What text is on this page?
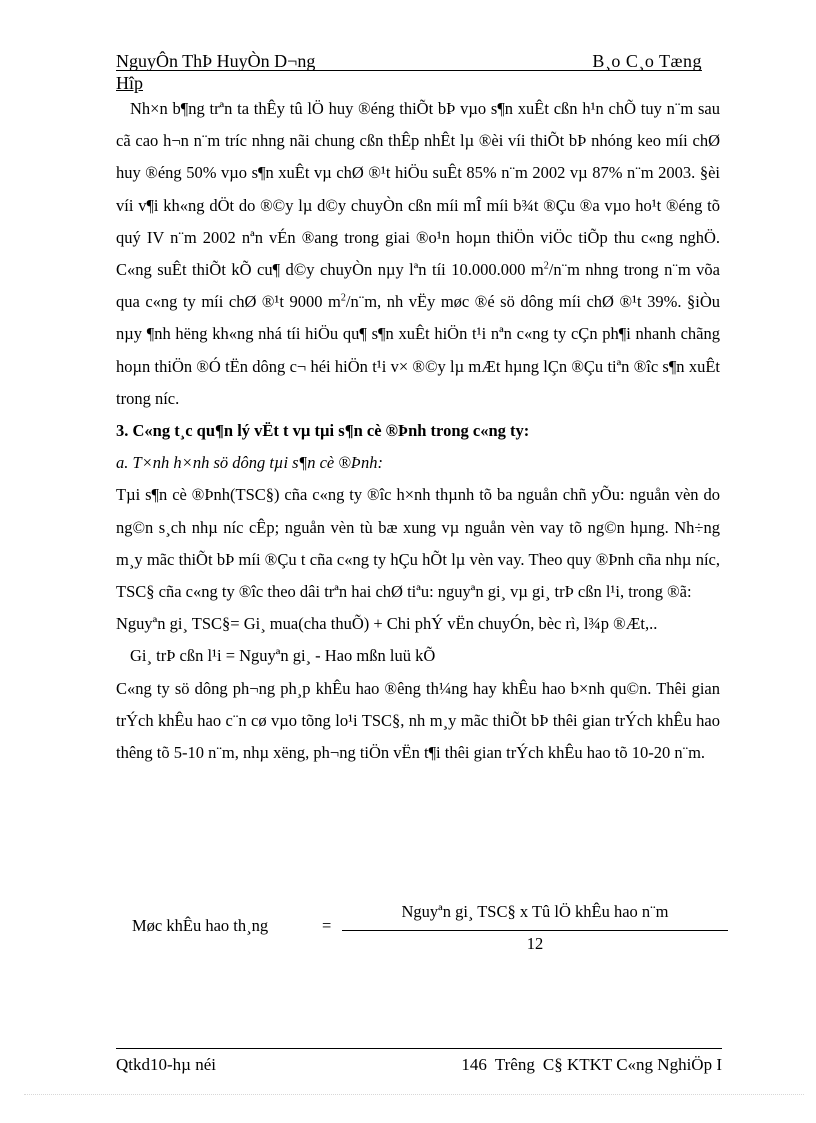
NguyÔn ThÞ HuyÒn D¬ng	B¸o C¸o Tæng
Hîp

Nh×n b¶ng trªn ta thÊy tû lÖ huy ®éng thiÕt bÞ vµo s¶n xuÊt cßn h¹n chÕ tuy n¨m sau cã cao h¬n n¨m tríc nhng nãi chung cßn thÊp nhÊt lµ ®èi víi thiÕt bÞ nhóng keo míi chØ huy ®éng 50% vµo s¶n xuÊt vµ chØ ®¹t hiÖu suÊt 85% n¨m 2002 vµ 87% n¨m 2003. §èi víi v¶i kh«ng dÖt do ®©y lµ d©y chuyÒn cßn míi mÎ míi b¾t ®Çu ®a vµo ho¹t ®éng tõ quý IV n¨m 2002 nªn vÉn ®ang trong giai ®o¹n hoµn thiÖn viÖc tiÕp thu c«ng nghÖ. C«ng suÊt thiÕt kÕ cu¶ d©y chuyÒn nµy lªn tíi 10.000.000 $m^2/n¨m$ nhng trong n¨m võa qua c«ng ty míi chØ ®¹t 9000 $m^2/n¨m$, nh vËy møc ®é sö dông míi chØ ®¹t 39%. §iÒu nµy ¶nh hëng kh«ng nhá tíi hiÖu qu¶ s¶n xuÊt hiÖn t¹i nªn c«ng ty cÇn ph¶i nhanh chãng hoµn thiÖn ®Ó tËn dông c¬ héi hiÖn t¹i v× ®©y lµ mÆt hµng lÇn ®Çu tiªn ®îc s¶n xuÊt trong níc.

3. C«ng t¸c qu¶n lý vËt t vµ tµi s¶n cè ®Þnh trong c«ng ty:

a. T×nh h×nh sö dông tµi s¶n cè ®Þnh:

Tµi s¶n cè ®Þnh(TSC§) cña c«ng ty ®îc h×nh thµnh tõ ba nguån chñ yÕu: nguån vèn do ng©n s¸ch nhµ níc cÊp; nguån vèn tù bæ xung vµ nguån vèn vay tõ ng©n hµng. Nh÷ng m¸y mãc thiÕt bÞ míi ®Çu t cña c«ng ty hÇu hÕt lµ vèn vay. Theo quy ®Þnh cña nhµ níc, TSC§ cña c«ng ty ®îc theo dâi trªn hai chØ tiªu: nguyªn gi¸ vµ gi¸ trÞ cßn l¹i, trong ®ã:

Nguyªn gi¸ TSC§= Gi¸ mua(cha thuÕ) + Chi phÝ vËn chuyÓn, bèc rì, l¾p ®Æt,..

Gi¸ trÞ cßn l¹i = Nguyªn gi¸ - Hao mßn luü kÕ

C«ng ty sö dông ph¬ng ph¸p khÊu hao ®êng th¼ng hay khÊu hao b×nh qu©n. Thêi gian trÝch khÊu hao c¨n cø vµo tõng lo¹i TSC§, nh m¸y mãc thiÕt bÞ thêi gian trÝch khÊu hao thêng tõ 5-10 n¨m, nhµ xëng, ph¬ng tiÖn vËn t¶i thêi gian trÝch khÊu hao tõ 10-20 n¨m.

Møc khÊu hao th¸ng	=
Nguyªn gi¸ TSC§ x Tû lÖ khÊu hao n¨m
12
Qtkd10-hµ néi	146 Trêng C§ KTKT C«ng NghiÖp I
